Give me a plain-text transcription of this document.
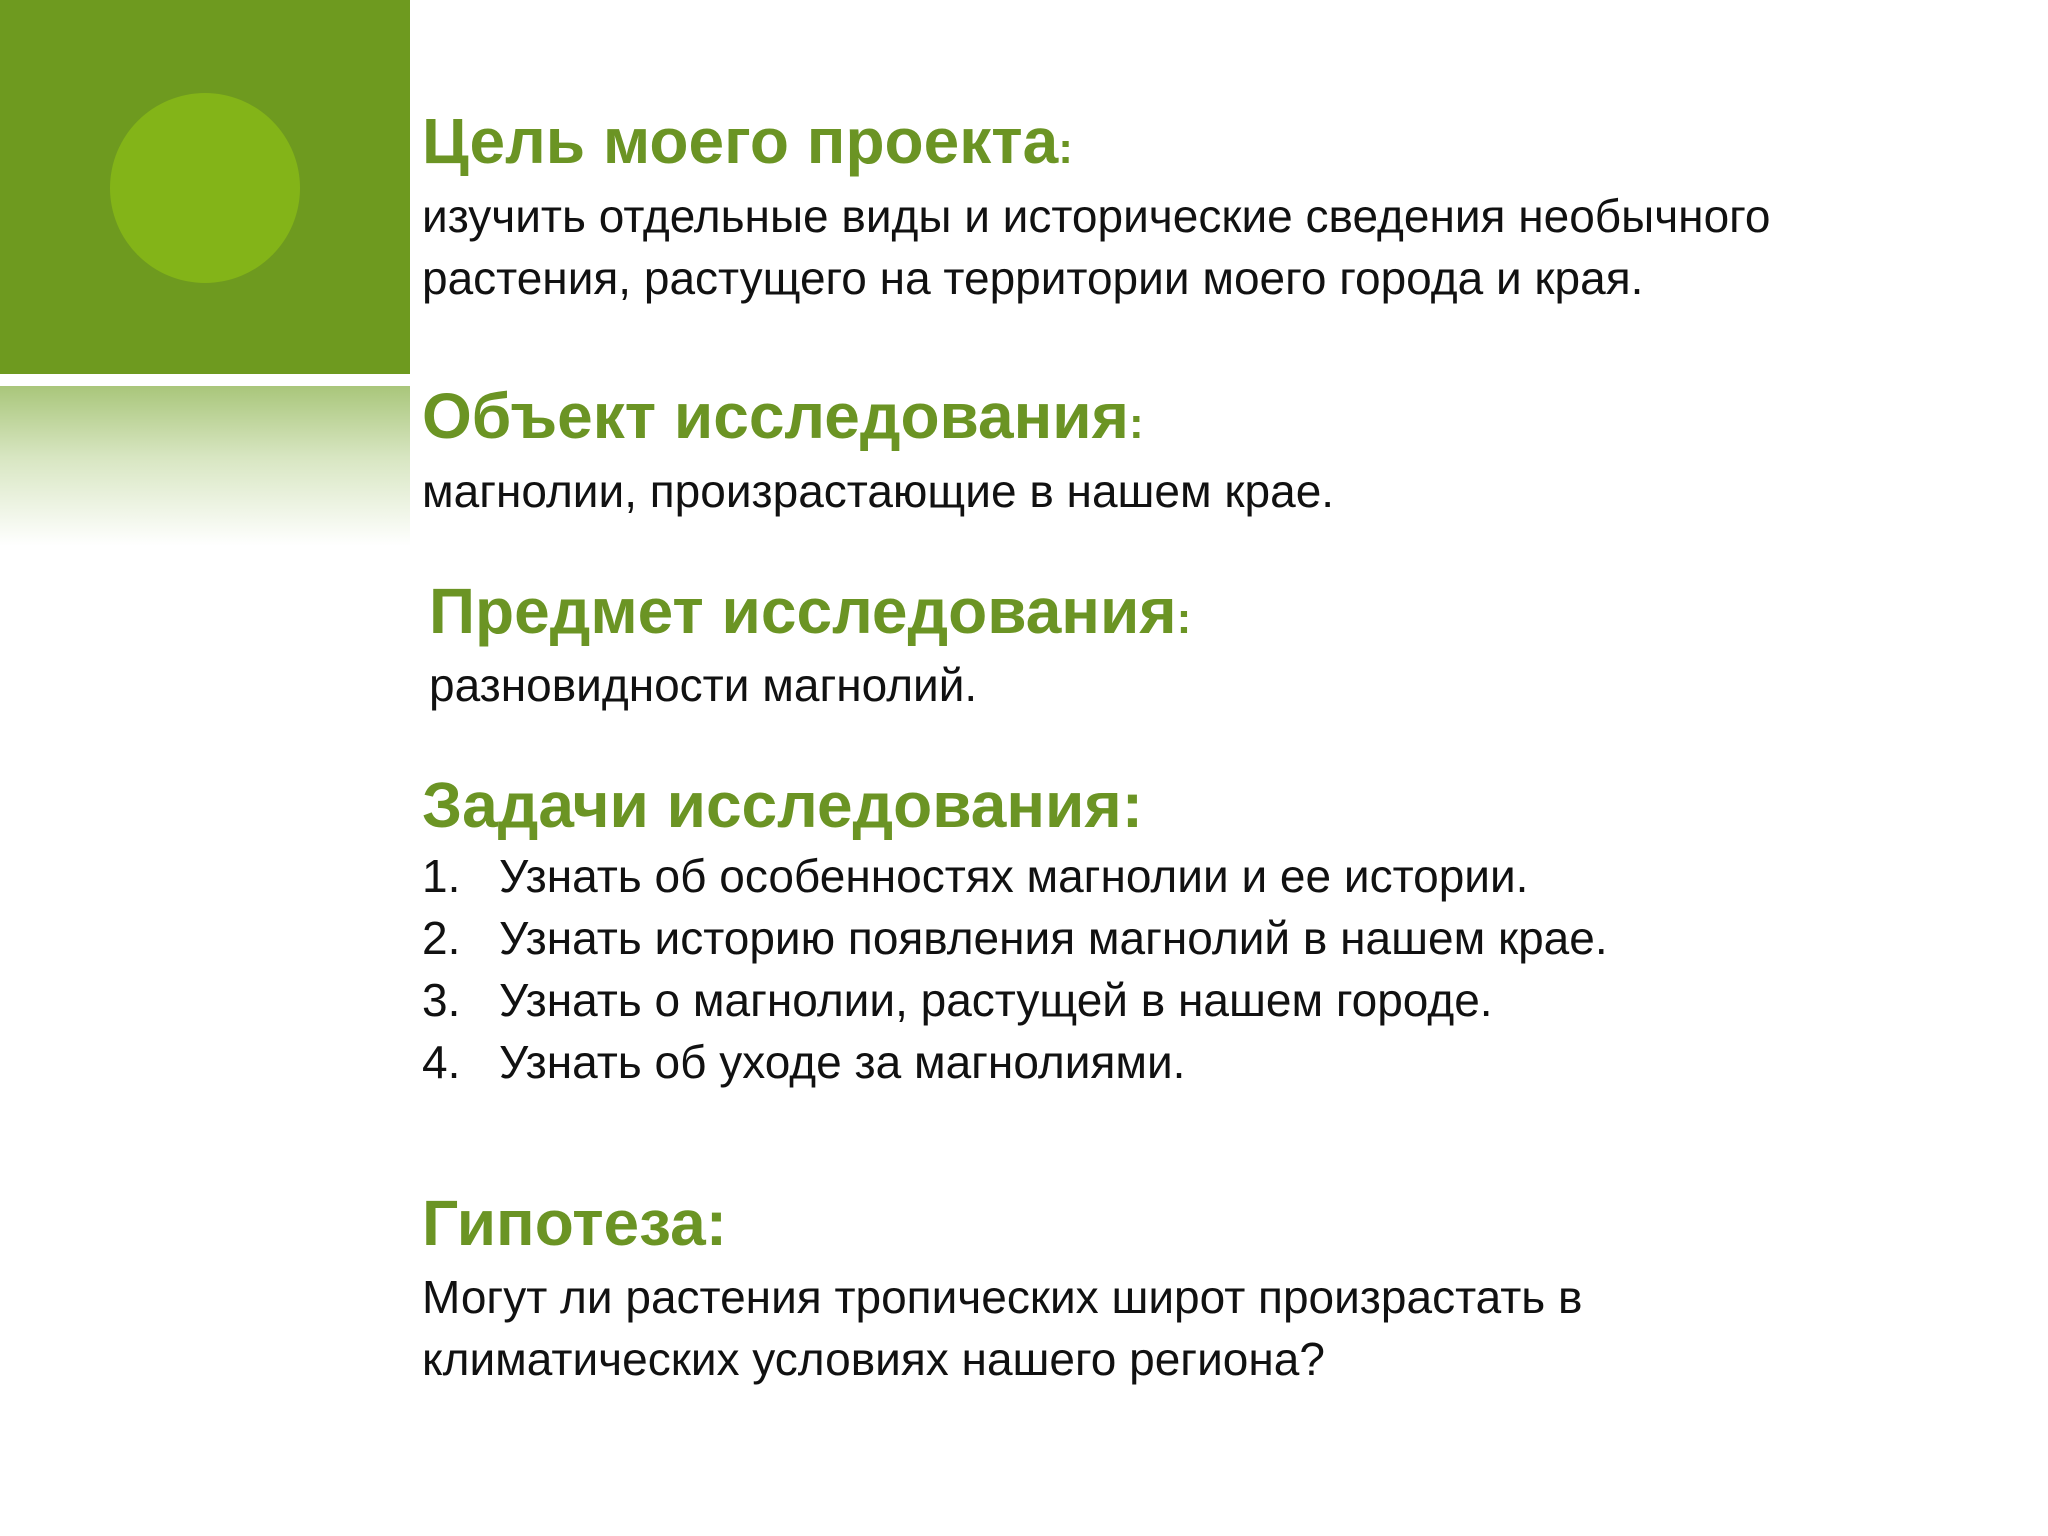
Цель моего проекта:

изучить отдельные виды и исторические сведения необычного
растения, растущего на территории моего города и края.

Объект исследования:

магнолии, произрастающие в нашем крае.

Предмет исследования:

разновидности магнолий.

Задачи исследования:
1. Узнать об особенностях магнолии и ее истории.
2. Узнать историю появления магнолий в нашем крае.
3. Узнать о магнолии, растущей в нашем городе.
4. Узнать об уходе за магнолиями.
Гипотеза:

Могут ли растения тропических широт произрастать в
климатических условиях нашего региона?
